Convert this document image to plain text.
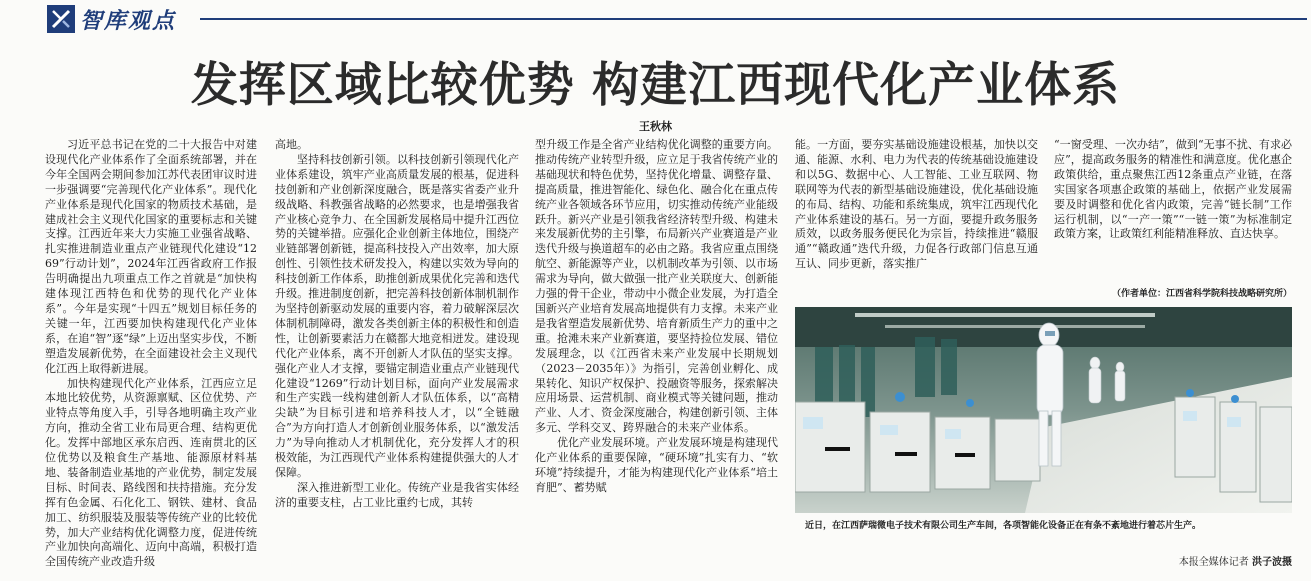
智库观点
发挥区域比较优势 构建江西现代化产业体系
王秋林

习近平总书记在党的二十大报告中对建设现代化产业体系作了全面系统部署，并在今年全国两会期间参加江苏代表团审议时进一步强调要“完善现代化产业体系”。现代化产业体系是现代化国家的物质技术基础，是建成社会主义现代化国家的重要标志和关键支撑。江西近年来大力实施工业强省战略、扎实推进制造业重点产业链现代化建设“1269”行动计划”，2024年江西省政府工作报告明确提出九项重点工作之首就是“加快构建体现江西特色和优势的现代化产业体系”。今年是实现“十四五”规划目标任务的关键一年，江西要加快构建现代化产业体系，在追“智”逐“绿”上迈出坚实步伐，不断塑造发展新优势，在全面建设社会主义现代化江西上取得新进展。

加快构建现代化产业体系，江西应立足本地比较优势，从资源禀赋、区位优势、产业特点等角度入手，引导各地明确主攻产业方向，推动全省工业布局更合理、结构更优化。发挥中部地区承东启西、连南贯北的区位优势以及粮食生产基地、能源原材料基地、装备制造业基地的产业优势，制定发展目标、时间表、路线图和扶持措施。充分发挥有色金属、石化化工、钢铁、建材、食品加工、纺织服装及服装等传统产业的比较优势，加大产业结构优化调整力度，促进传统产业加快向高端化、迈向中高端，积极打造全国传统产业改造升级

高地。

坚持科技创新引领。以科技创新引领现代化产业体系建设，筑牢产业高质量发展的根基，促进科技创新和产业创新深度融合，既是落实省委产业升级战略、科教强省战略的必然要求，也是增强我省产业核心竞争力、在全国新发展格局中提升江西位势的关键举措。应强化企业创新主体地位，围绕产业链部署创新链，提高科技投入产出效率，加大原创性、引领性技术研发投入，构建以实效为导向的科技创新工作体系，助推创新成果优化完善和迭代升级。推进制度创新，把完善科技创新体制机制作为坚持创新驱动发展的重要内容，着力破解深层次体制机制障碍，激发各类创新主体的积极性和创造性，让创新要素活力在赣都大地竞相迸发。建设现代化产业体系，离不开创新人才队伍的坚实支撑。强化产业人才支撑，要锚定制造业重点产业链现代化建设“1269”行动计划目标，面向产业发展需求和生产实践一线构建创新人才队伍体系，以“高精尖缺”为目标引进和培养科技人才，以“全链融合”为方向打造人才创新创业服务体系，以“激发活力”为导向推动人才机制优化，充分发挥人才的积极效能，为江西现代产业体系构建提供强大的人才保障。

深入推进新型工业化。传统产业是我省实体经济的重要支柱，占工业比重约七成，其转

型升级工作是全省产业结构优化调整的重要方向。推动传统产业转型升级，应立足于我省传统产业的基础现状和特色优势，坚持优化增量、调整存量、提高质量，推进智能化、绿色化、融合化在重点传统产业各领域各环节应用，切实推动传统产业能级跃升。新兴产业是引领我省经济转型升级、构建未来发展新优势的主引擎，布局新兴产业赛道是产业迭代升级与换道超车的必由之路。我省应重点围绕航空、新能源等产业，以机制改革为引领、以市场需求为导向，做大做强一批产业关联度大、创新能力强的骨干企业，带动中小微企业发展，为打造全国新兴产业培育发展高地提供有力支撑。未来产业是我省塑造发展新优势、培育新质生产力的重中之重。抢滩未来产业新赛道，要坚持捡位发展、错位发展理念，以《江西省未来产业发展中长期规划（2023－2035年）》为指引，完善创业孵化、成果转化、知识产权保护、投融资等服务，探索解决应用场景、运营机制、商业模式等关键问题，推动产业、人才、资金深度融合，构建创新引领、主体多元、学科交叉、跨界融合的未来产业体系。

优化产业发展环境。产业发展环境是构建现代化产业体系的重要保障，“硬环境”扎实有力、“软环境”持续提升，才能为构建现代化产业体系“培土育肥”、蓄势赋

能。一方面，要夯实基础设施建设根基，加快以交通、能源、水利、电力为代表的传统基础设施建设和以5G、数据中心、人工智能、工业互联网、物联网等为代表的新型基础设施建设，优化基础设施的布局、结构、功能和系统集成，筑牢江西现代化产业体系建设的基石。另一方面，要提升政务服务质效，以政务服务便民化为宗旨，持续推进“赣服通”“赣政通”迭代升级，力促各行政部门信息互通互认、同步更新，落实推广

“一窗受理、一次办结”，做到“无事不扰、有求必应”，提高政务服务的精准性和满意度。优化惠企政策供给，重点聚焦江西12条重点产业链，在落实国家各项惠企政策的基础上，依据产业发展需要及时调整和优化省内政策，完善“链长制”工作运行机制，以“一产一策”“一链一策”为标准制定政策方案，让政策红利能精准释放、直达快享。

（作者单位：江西省科学院科技战略研究所）
近日，在江西萨瑞微电子技术有限公司生产车间，各项智能化设备正在有条不紊地进行着芯片生产。
本报全媒体记者 洪子波摄
